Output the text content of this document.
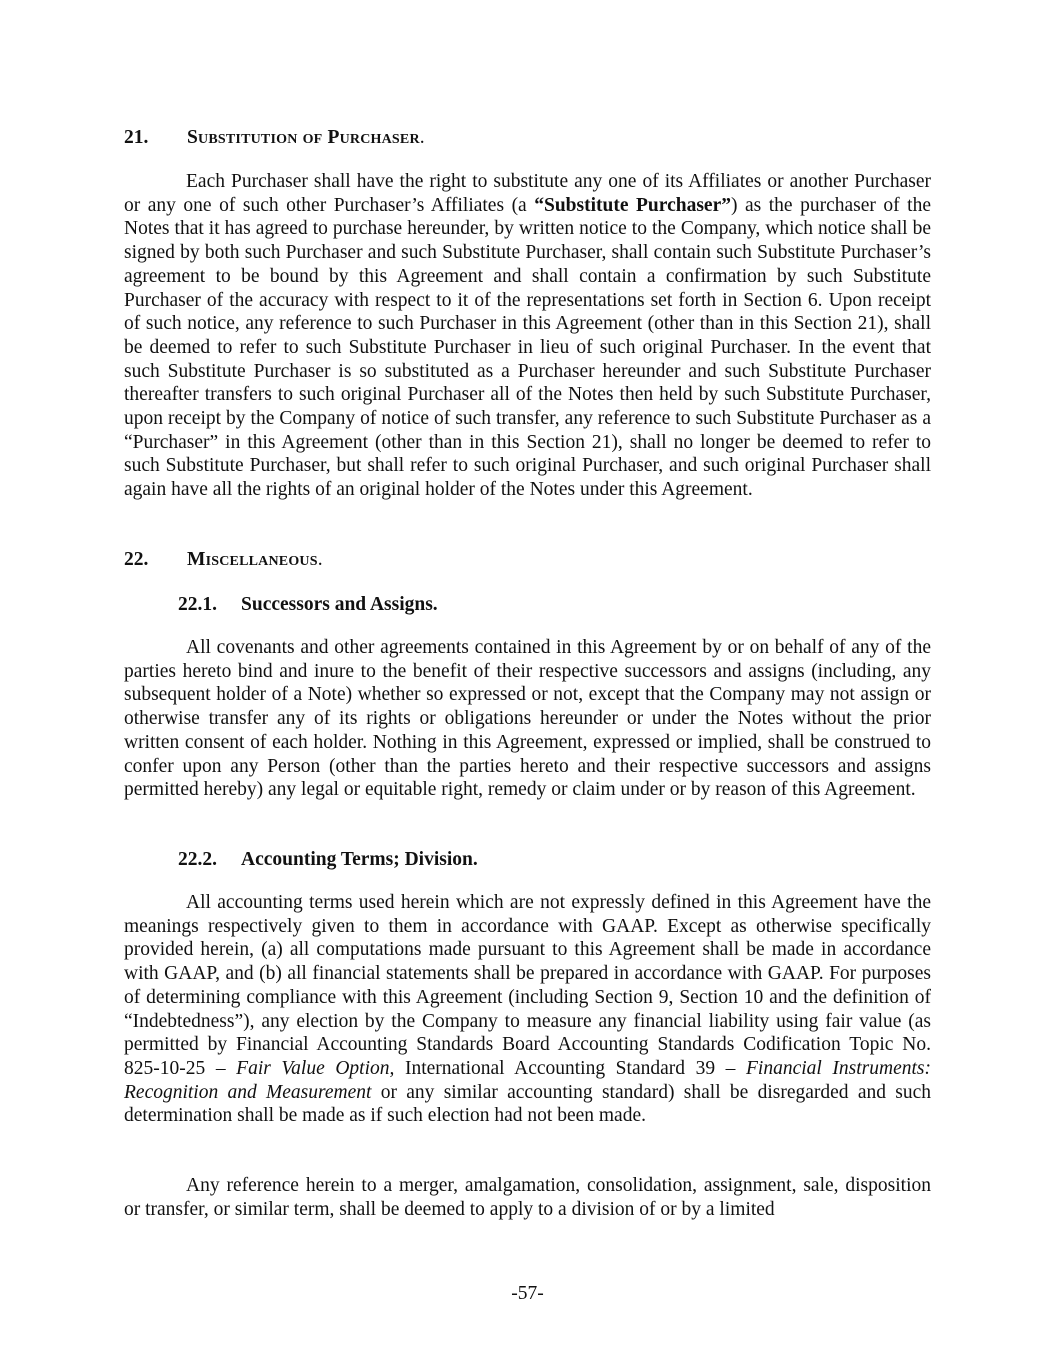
21. Substitution of Purchaser.

Each Purchaser shall have the right to substitute any one of its Affiliates or another Purchaser or any one of such other Purchaser’s Affiliates (a “Substitute Purchaser”) as the purchaser of the Notes that it has agreed to purchase hereunder, by written notice to the Company, which notice shall be signed by both such Purchaser and such Substitute Purchaser, shall contain such Substitute Purchaser’s agreement to be bound by this Agreement and shall contain a confirmation by such Substitute Purchaser of the accuracy with respect to it of the representations set forth in Section 6. Upon receipt of such notice, any reference to such Purchaser in this Agreement (other than in this Section 21), shall be deemed to refer to such Substitute Purchaser in lieu of such original Purchaser. In the event that such Substitute Purchaser is so substituted as a Purchaser hereunder and such Substitute Purchaser thereafter transfers to such original Purchaser all of the Notes then held by such Substitute Purchaser, upon receipt by the Company of notice of such transfer, any reference to such Substitute Purchaser as a “Purchaser” in this Agreement (other than in this Section 21), shall no longer be deemed to refer to such Substitute Purchaser, but shall refer to such original Purchaser, and such original Purchaser shall again have all the rights of an original holder of the Notes under this Agreement.

22. Miscellaneous.
22.1. Successors and Assigns.

All covenants and other agreements contained in this Agreement by or on behalf of any of the parties hereto bind and inure to the benefit of their respective successors and assigns (including, any subsequent holder of a Note) whether so expressed or not, except that the Company may not assign or otherwise transfer any of its rights or obligations hereunder or under the Notes without the prior written consent of each holder. Nothing in this Agreement, expressed or implied, shall be construed to confer upon any Person (other than the parties hereto and their respective successors and assigns permitted hereby) any legal or equitable right, remedy or claim under or by reason of this Agreement.

22.2. Accounting Terms; Division.

All accounting terms used herein which are not expressly defined in this Agreement have the meanings respectively given to them in accordance with GAAP. Except as otherwise specifically provided herein, (a) all computations made pursuant to this Agreement shall be made in accordance with GAAP, and (b) all financial statements shall be prepared in accordance with GAAP. For purposes of determining compliance with this Agreement (including Section 9, Section 10 and the definition of “Indebtedness”), any election by the Company to measure any financial liability using fair value (as permitted by Financial Accounting Standards Board Accounting Standards Codification Topic No. 825-10-25 – Fair Value Option, International Accounting Standard 39 – Financial Instruments: Recognition and Measurement or any similar accounting standard) shall be disregarded and such determination shall be made as if such election had not been made.

Any reference herein to a merger, amalgamation, consolidation, assignment, sale, disposition or transfer, or similar term, shall be deemed to apply to a division of or by a limited

-57-
